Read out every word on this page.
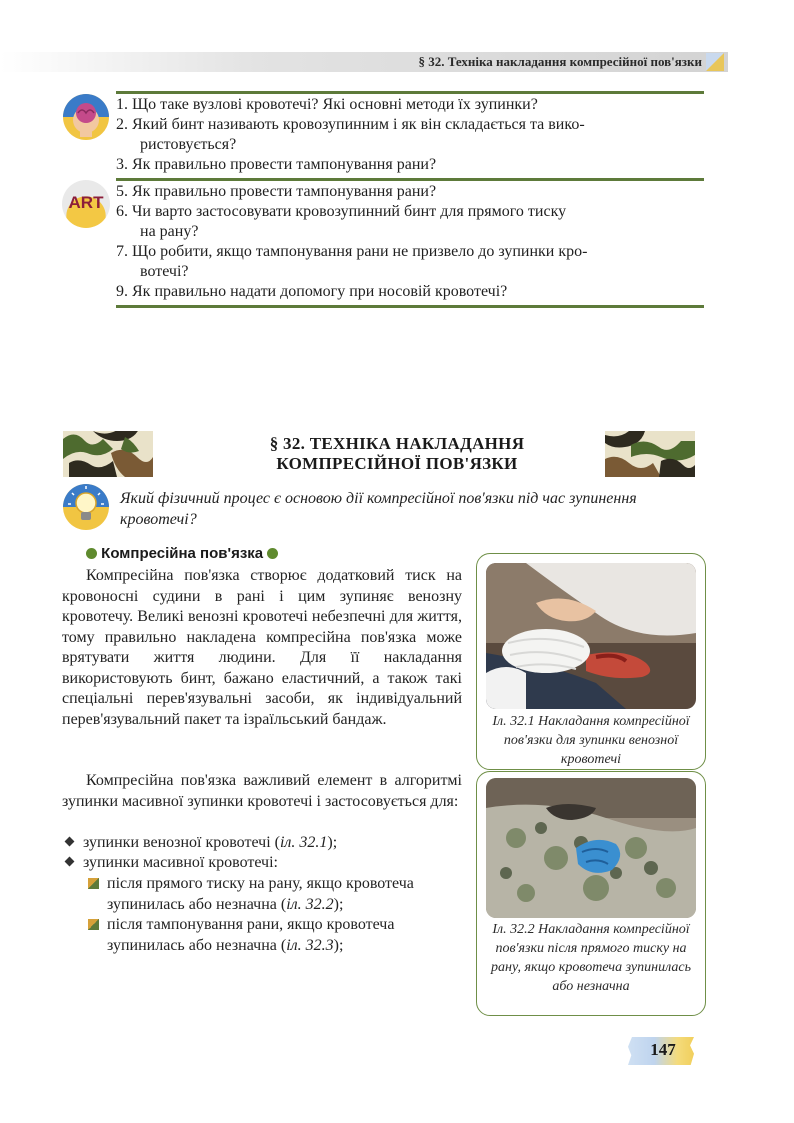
§ 32. Техніка накладання компресійної пов'язки
1. Що таке вузлові кровотечі? Які основні методи їх зупинки?
2. Який бинт називають кровозупинним і як він складається та вико-
ристовується?
3. Як правильно провести тампонування рани?
ART
5. Як правильно провести тампонування рани?
6. Чи варто застосовувати кровозупинний бинт для прямого тиску
на рану?
7. Що робити, якщо тампонування рани не призвело до зупинки кро-
вотечі?
9. Як правильно надати допомогу при носовій кровотечі?
§ 32. ТЕХНІКА НАКЛАДАННЯ
КОМПРЕСІЙНОЇ ПОВ'ЯЗКИ
Який фізичний процес є основою дії компресійної пов'язки під час зупинення кровотечі?
Компресійна пов'язка

Компресійна пов'язка створює додатковий тиск на кровоносні судини в рані і цим зупиняє венозну кровотечу. Великі венозні кровотечі небезпечні для життя, тому правильно накладена компресійна пов'язка може врятувати життя людини. Для її накладання використовують бинт, бажано еластичний, а також такі спеціальні перев'язувальні засоби, як індивідуальний перев'язувальний пакет та ізраїльський бандаж.

Компресійна пов'язка важливий елемент в алгоритмі зупинки масивної зупинки кровотечі і застосовується для:

зупинки венозної кровотечі (іл. 32.1);
зупинки масивної кровотечі:
після прямого тиску на рану, якщо кровотеча зупинилась або незначна (іл. 32.2);
після тампонування рани, якщо кровотеча зупинилась або незначна (іл. 32.3);
Іл. 32.1 Накладання компресійної пов'язки для зупинки венозної кровотечі
Іл. 32.2 Накладання компресійної пов'язки після прямого тиску на рану, якщо кровотеча зупинилась або незначна
147
